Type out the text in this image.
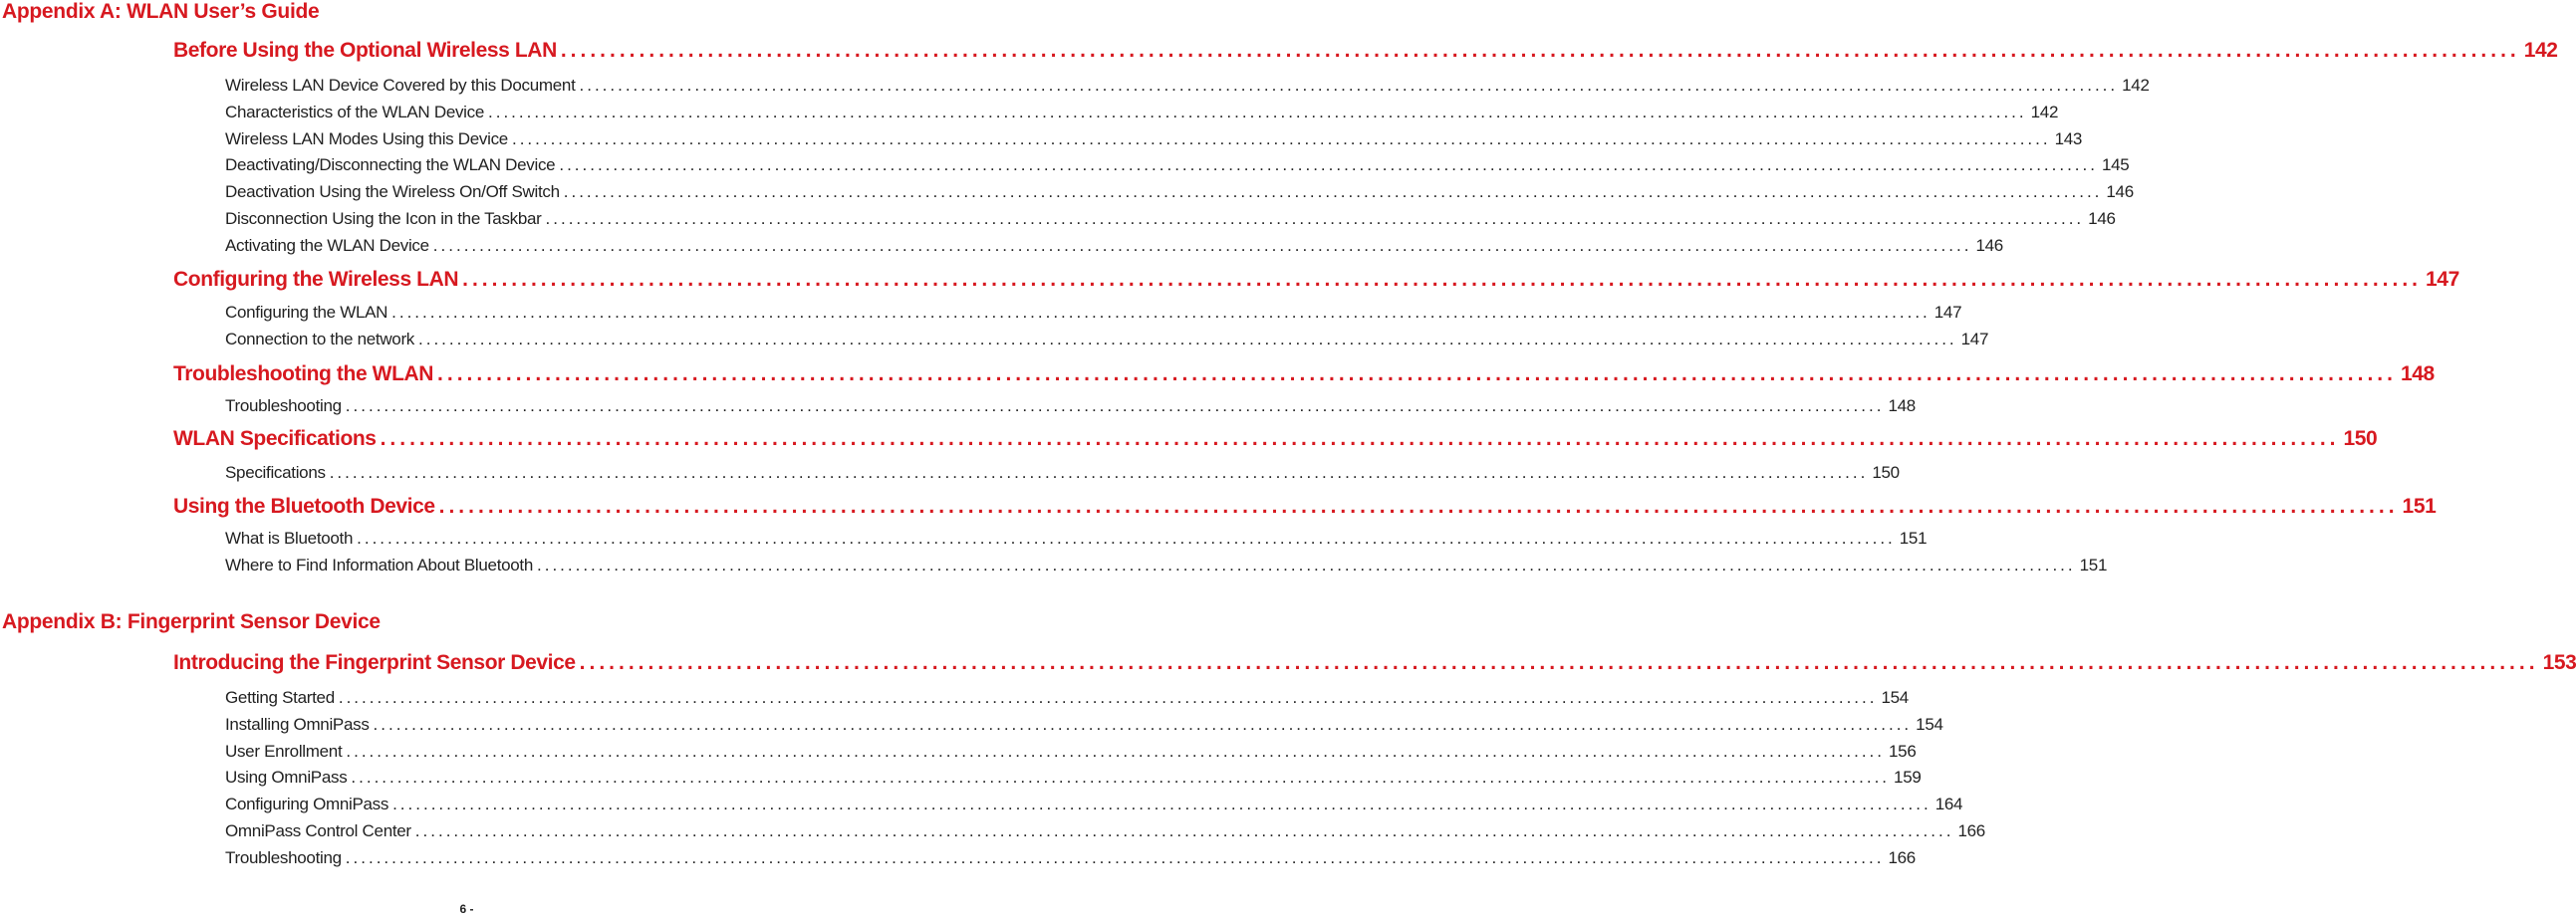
Appendix A: WLAN User’s Guide
Before Using the Optional Wireless LAN ........................................................................................................................................................................................................ 142
Wireless LAN Device Covered by this Document ........................................................................................................................................................................................................ 142
Characteristics of the WLAN Device ........................................................................................................................................................................................................ 142
Wireless LAN Modes Using this Device ........................................................................................................................................................................................................ 143
Deactivating/Disconnecting the WLAN Device ........................................................................................................................................................................................................ 145
Deactivation Using the Wireless On/Off Switch ........................................................................................................................................................................................................ 146
Disconnection Using the Icon in the Taskbar ........................................................................................................................................................................................................ 146
Activating the WLAN Device ........................................................................................................................................................................................................ 146
Configuring the Wireless LAN ........................................................................................................................................................................................................ 147
Configuring the WLAN ........................................................................................................................................................................................................ 147
Connection to the network ........................................................................................................................................................................................................ 147
Troubleshooting the WLAN ........................................................................................................................................................................................................ 148
Troubleshooting ........................................................................................................................................................................................................ 148
WLAN Specifications ........................................................................................................................................................................................................ 150
Specifications ........................................................................................................................................................................................................ 150
Using the Bluetooth Device ........................................................................................................................................................................................................ 151
What is Bluetooth ........................................................................................................................................................................................................ 151
Where to Find Information About Bluetooth ........................................................................................................................................................................................................ 151
Appendix B: Fingerprint Sensor Device
Introducing the Fingerprint Sensor Device ........................................................................................................................................................................................................ 153
Getting Started ........................................................................................................................................................................................................ 154
Installing OmniPass ........................................................................................................................................................................................................ 154
User Enrollment ........................................................................................................................................................................................................ 156
Using OmniPass ........................................................................................................................................................................................................ 159
Configuring OmniPass ........................................................................................................................................................................................................ 164
OmniPass Control Center ........................................................................................................................................................................................................ 166
Troubleshooting ........................................................................................................................................................................................................ 166
6 -
